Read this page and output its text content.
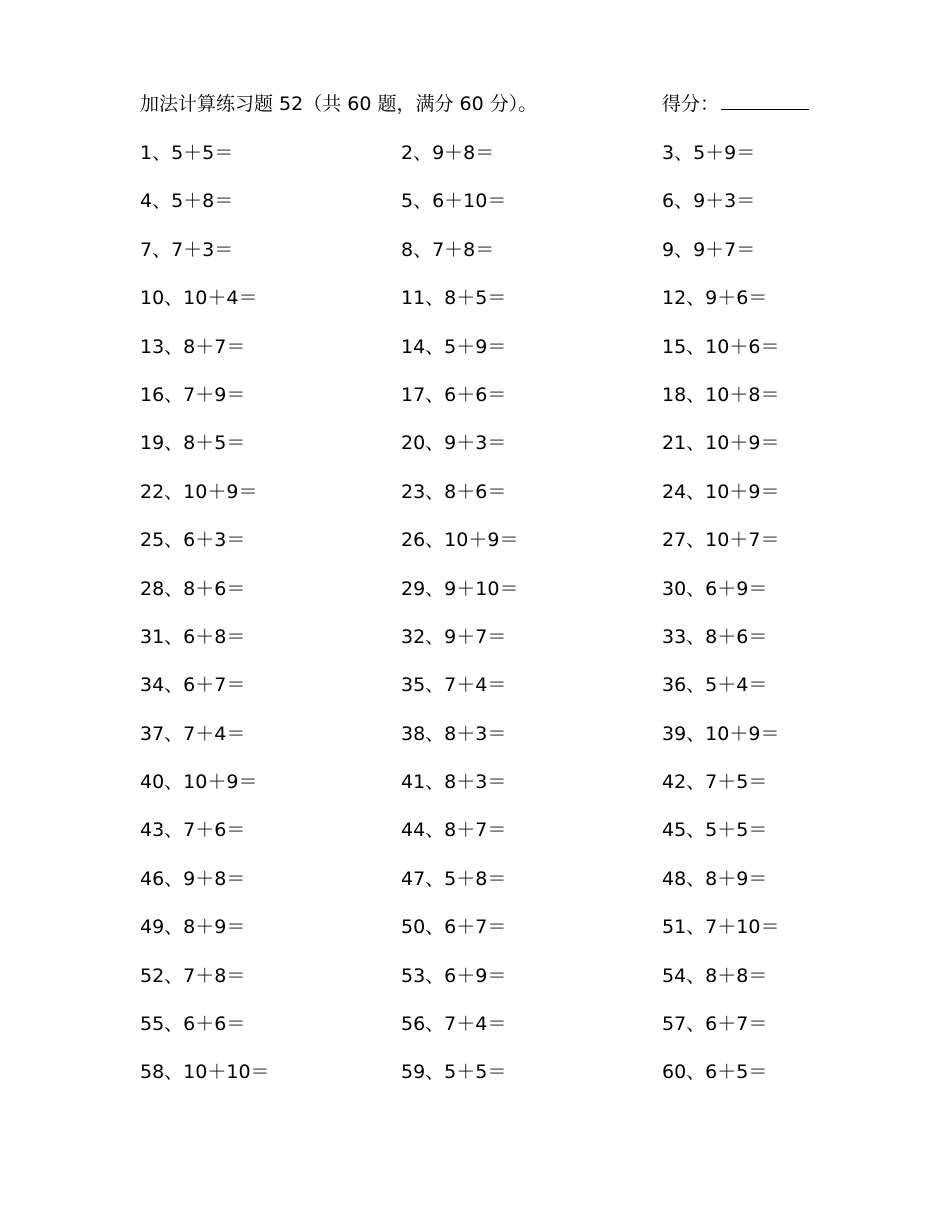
加法计算练习题 52（共 60 题，满分 60 分）。	得分：
1、5＋5＝	2、9＋8＝	3、5＋9＝
4、5＋8＝	5、6＋10＝	6、9＋3＝
7、7＋3＝	8、7＋8＝	9、9＋7＝
10、10＋4＝	11、8＋5＝	12、9＋6＝
13、8＋7＝	14、5＋9＝	15、10＋6＝
16、7＋9＝	17、6＋6＝	18、10＋8＝
19、8＋5＝	20、9＋3＝	21、10＋9＝
22、10＋9＝	23、8＋6＝	24、10＋9＝
25、6＋3＝	26、10＋9＝	27、10＋7＝
28、8＋6＝	29、9＋10＝	30、6＋9＝
31、6＋8＝	32、9＋7＝	33、8＋6＝
34、6＋7＝	35、7＋4＝	36、5＋4＝
37、7＋4＝	38、8＋3＝	39、10＋9＝
40、10＋9＝	41、8＋3＝	42、7＋5＝
43、7＋6＝	44、8＋7＝	45、5＋5＝
46、9＋8＝	47、5＋8＝	48、8＋9＝
49、8＋9＝	50、6＋7＝	51、7＋10＝
52、7＋8＝	53、6＋9＝	54、8＋8＝
55、6＋6＝	56、7＋4＝	57、6＋7＝
58、10＋10＝	59、5＋5＝	60、6＋5＝
